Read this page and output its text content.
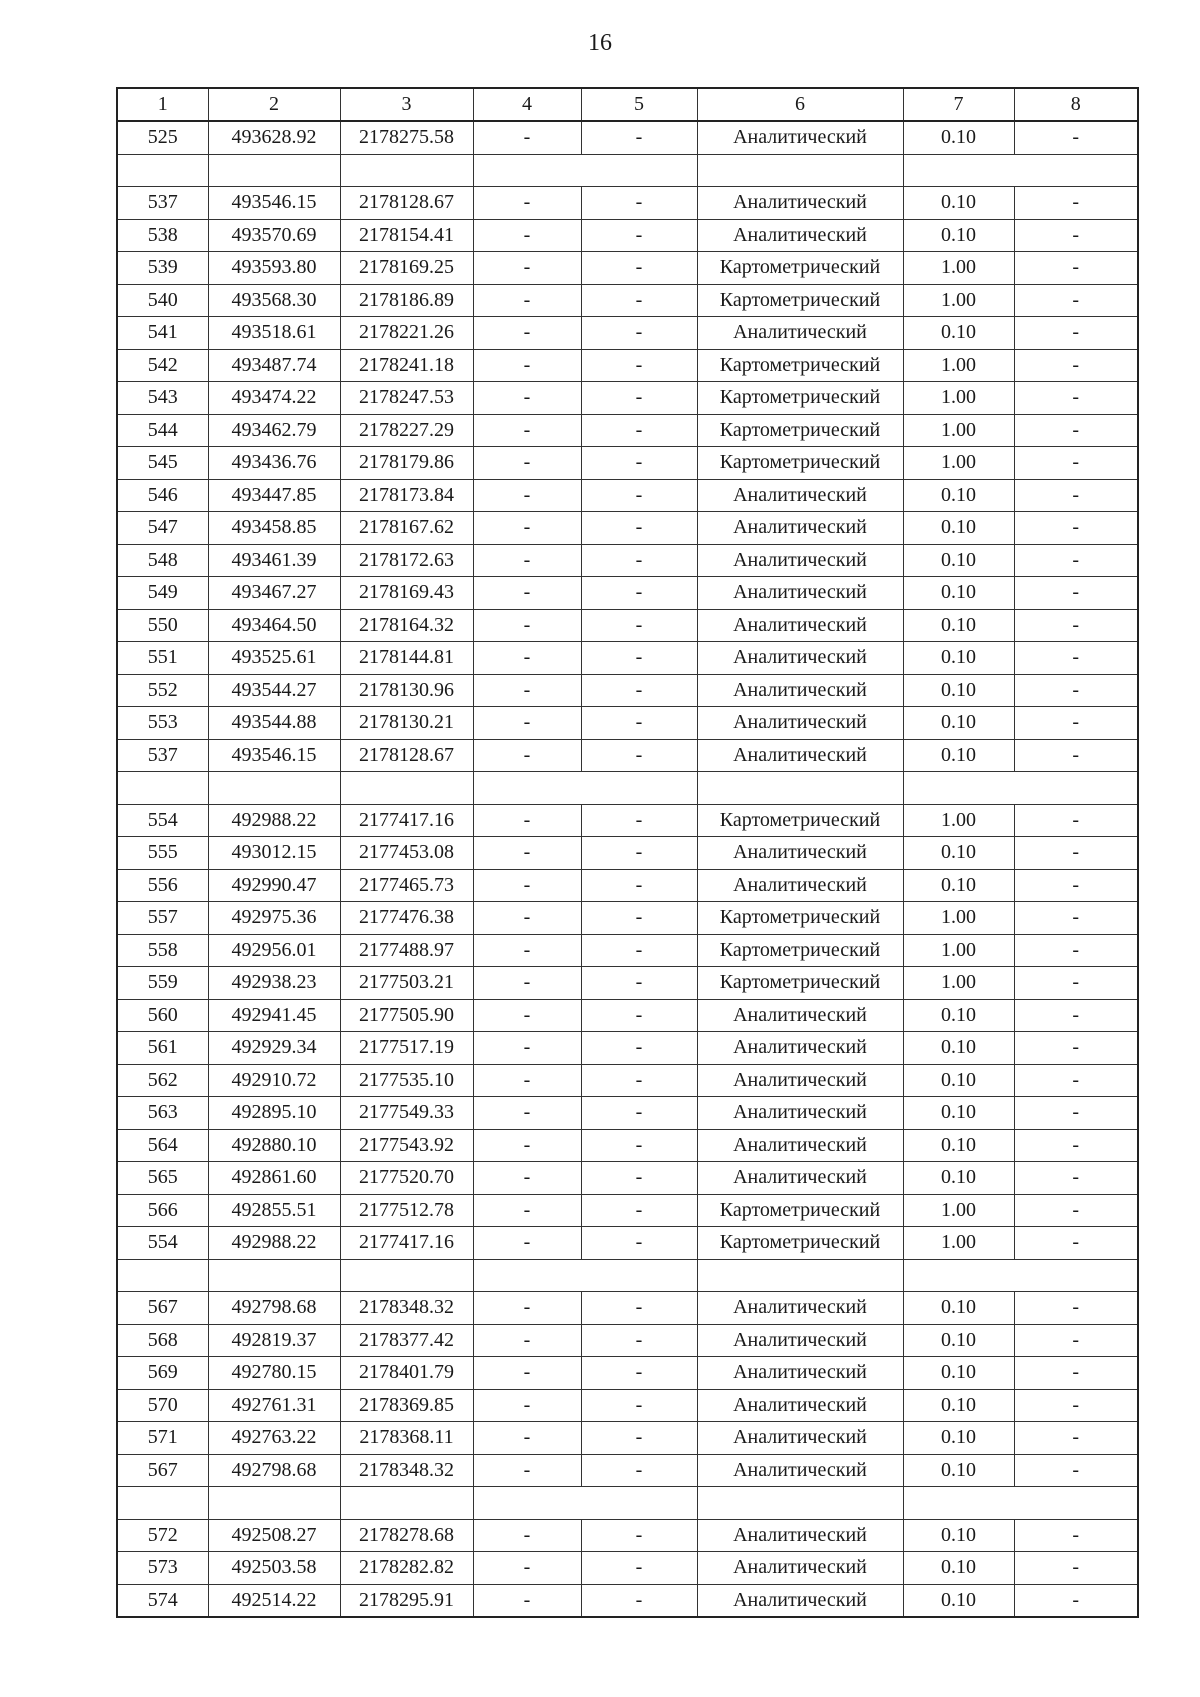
16
1	2	3	4	5	6	7	8
525	493628.92	2178275.58	-	-	Аналитический	0.10	-

537	493546.15	2178128.67	-	-	Аналитический	0.10	-
538	493570.69	2178154.41	-	-	Аналитический	0.10	-
539	493593.80	2178169.25	-	-	Картометрический	1.00	-
540	493568.30	2178186.89	-	-	Картометрический	1.00	-
541	493518.61	2178221.26	-	-	Аналитический	0.10	-
542	493487.74	2178241.18	-	-	Картометрический	1.00	-
543	493474.22	2178247.53	-	-	Картометрический	1.00	-
544	493462.79	2178227.29	-	-	Картометрический	1.00	-
545	493436.76	2178179.86	-	-	Картометрический	1.00	-
546	493447.85	2178173.84	-	-	Аналитический	0.10	-
547	493458.85	2178167.62	-	-	Аналитический	0.10	-
548	493461.39	2178172.63	-	-	Аналитический	0.10	-
549	493467.27	2178169.43	-	-	Аналитический	0.10	-
550	493464.50	2178164.32	-	-	Аналитический	0.10	-
551	493525.61	2178144.81	-	-	Аналитический	0.10	-
552	493544.27	2178130.96	-	-	Аналитический	0.10	-
553	493544.88	2178130.21	-	-	Аналитический	0.10	-
537	493546.15	2178128.67	-	-	Аналитический	0.10	-

554	492988.22	2177417.16	-	-	Картометрический	1.00	-
555	493012.15	2177453.08	-	-	Аналитический	0.10	-
556	492990.47	2177465.73	-	-	Аналитический	0.10	-
557	492975.36	2177476.38	-	-	Картометрический	1.00	-
558	492956.01	2177488.97	-	-	Картометрический	1.00	-
559	492938.23	2177503.21	-	-	Картометрический	1.00	-
560	492941.45	2177505.90	-	-	Аналитический	0.10	-
561	492929.34	2177517.19	-	-	Аналитический	0.10	-
562	492910.72	2177535.10	-	-	Аналитический	0.10	-
563	492895.10	2177549.33	-	-	Аналитический	0.10	-
564	492880.10	2177543.92	-	-	Аналитический	0.10	-
565	492861.60	2177520.70	-	-	Аналитический	0.10	-
566	492855.51	2177512.78	-	-	Картометрический	1.00	-
554	492988.22	2177417.16	-	-	Картометрический	1.00	-

567	492798.68	2178348.32	-	-	Аналитический	0.10	-
568	492819.37	2178377.42	-	-	Аналитический	0.10	-
569	492780.15	2178401.79	-	-	Аналитический	0.10	-
570	492761.31	2178369.85	-	-	Аналитический	0.10	-
571	492763.22	2178368.11	-	-	Аналитический	0.10	-
567	492798.68	2178348.32	-	-	Аналитический	0.10	-

572	492508.27	2178278.68	-	-	Аналитический	0.10	-
573	492503.58	2178282.82	-	-	Аналитический	0.10	-
574	492514.22	2178295.91	-	-	Аналитический	0.10	-
